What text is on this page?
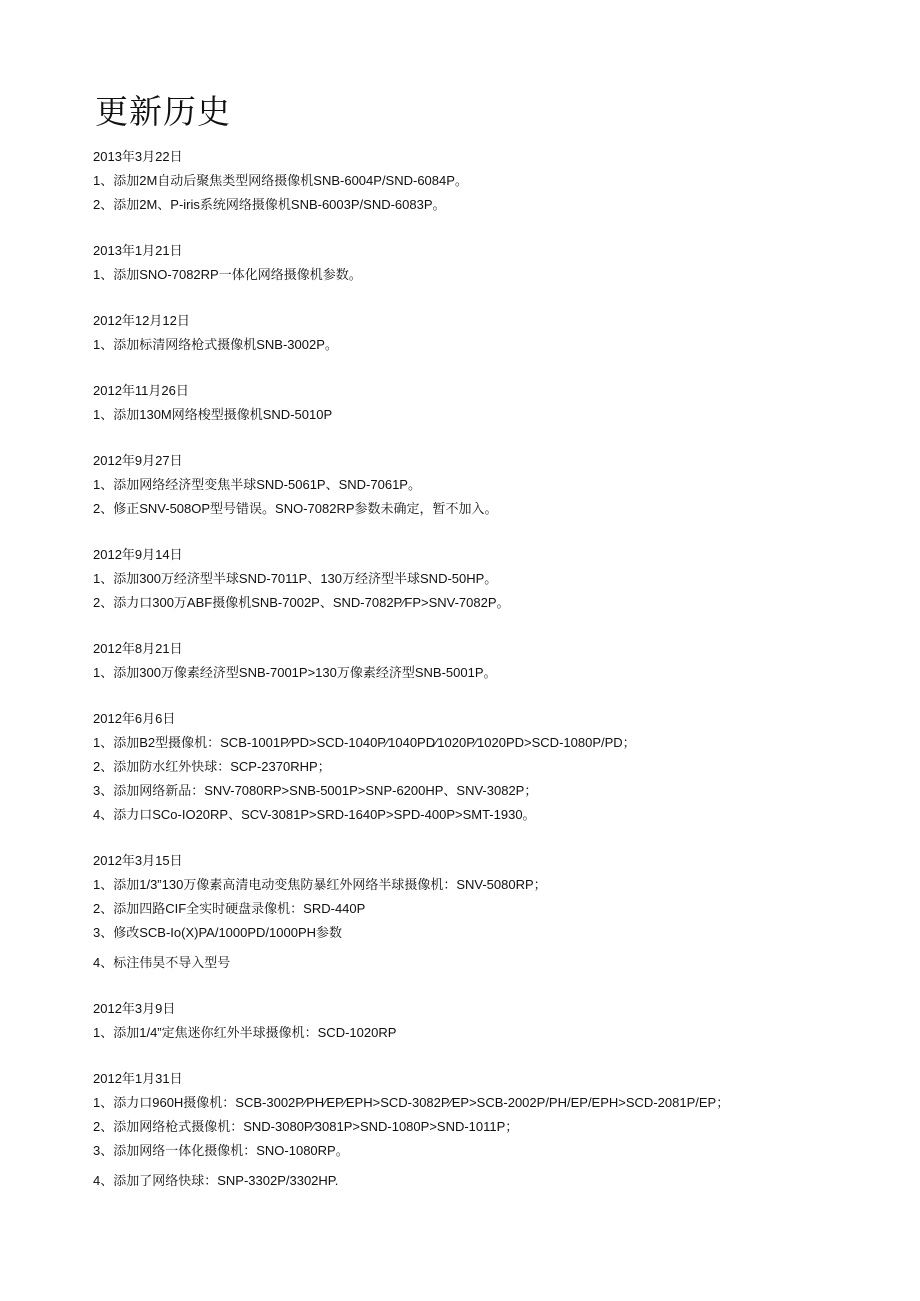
更新历史
2013年3月22日
1、添加2M自动后聚焦类型网络摄像机SNB-6004P/SND-6084P。
2、添加2M、P-iris系统网络摄像机SNB-6003P/SND-6083P。
2013年1月21日
1、添加SNO-7082RP一体化网络摄像机参数。
2012年12月12日
1、添加标清网络枪式摄像机SNB-3002P。
2012年11月26日
1、添加130M网络梭型摄像机SND-5010P
2012年9月27日
1、添加网络经济型变焦半球SND-5061P、SND-7061P。
2、修正SNV-508OP型号错误。SNO-7082RP参数未确定，暂不加入。
2012年9月14日
1、添加300万经济型半球SND-7011P、130万经济型半球SND-50HP。
2、添力口300万ABF摄像机SNB-7002P、SND-7082P∕FP>SNV-7082P。
2012年8月21日
1、添加300万像素经济型SNB-7001P>130万像素经济型SNB-5001P。
2012年6月6日
1、添加B2型摄像机：SCB-1001P∕PD>SCD-1040P∕1040PD∕1020P∕1020PD>SCD-1080P/PD；
2、添加防水红外快球：SCP-2370RHP；
3、添加网络新品：SNV-7080RP>SNB-5001P>SNP-6200HP、SNV-3082P；
4、添力口SCo-IO20RP、SCV-3081P>SRD-1640P>SPD-400P>SMT-1930。
2012年3月15日
1、添加1/3”130万像素高清电动变焦防暴红外网络半球摄像机：SNV-5080RP；
2、添加四路CIF全实时硬盘录像机：SRD-440P
3、修改SCB-Io(X)PA/1000PD/1000PH参数
4、标注伟昊不导入型号
2012年3月9日
1、添加1/4”定焦迷你红外半球摄像机：SCD-1020RP
2012年1月31日
1、添力口960H摄像机：SCB-3002P∕PH∕EP∕EPH>SCD-3082P∕EP>SCB-2002P/PH/EP/EPH>SCD-2081P/EP；
2、添加网络枪式摄像机：SND-3080P∕3081P>SND-1080P>SND-1011P；
3、添加网络一体化摄像机：SNO-1080RP。
4、添加了网络快球：SNP-3302P/3302HP.
